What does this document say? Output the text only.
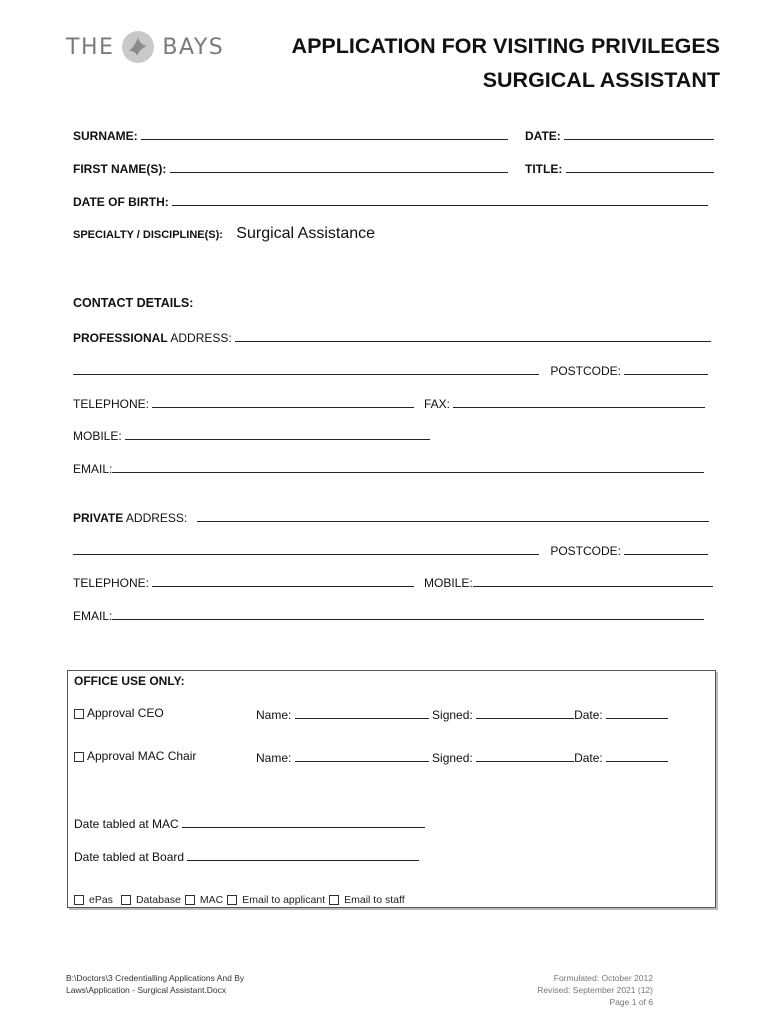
THE BAYS	APPLICATION FOR VISITING PRIVILEGES
SURGICAL ASSISTANT
SURNAME:	DATE:
FIRST NAME(S):	TITLE:
DATE OF BIRTH:
SPECIALTY / DISCIPLINE(S): Surgical Assistance
CONTACT DETAILS:
PROFESSIONAL ADDRESS:
POSTCODE:
TELEPHONE:	FAX:
MOBILE:
EMAIL:
PRIVATE ADDRESS:
POSTCODE:
TELEPHONE:	MOBILE:
EMAIL:
OFFICE USE ONLY:
Approval CEO	Name:	Signed:	Date:
Approval MAC Chair	Name:	Signed:	Date:
Date tabled at MAC
Date tabled at Board
ePas Database MAC Email to applicant Email to staff
B:\Doctors\3 Credentialling Applications And By Laws\Application - Surgical Assistant.Docx
Formulated: October 2012
Revised: September 2021 (12)
Page 1 of 6
